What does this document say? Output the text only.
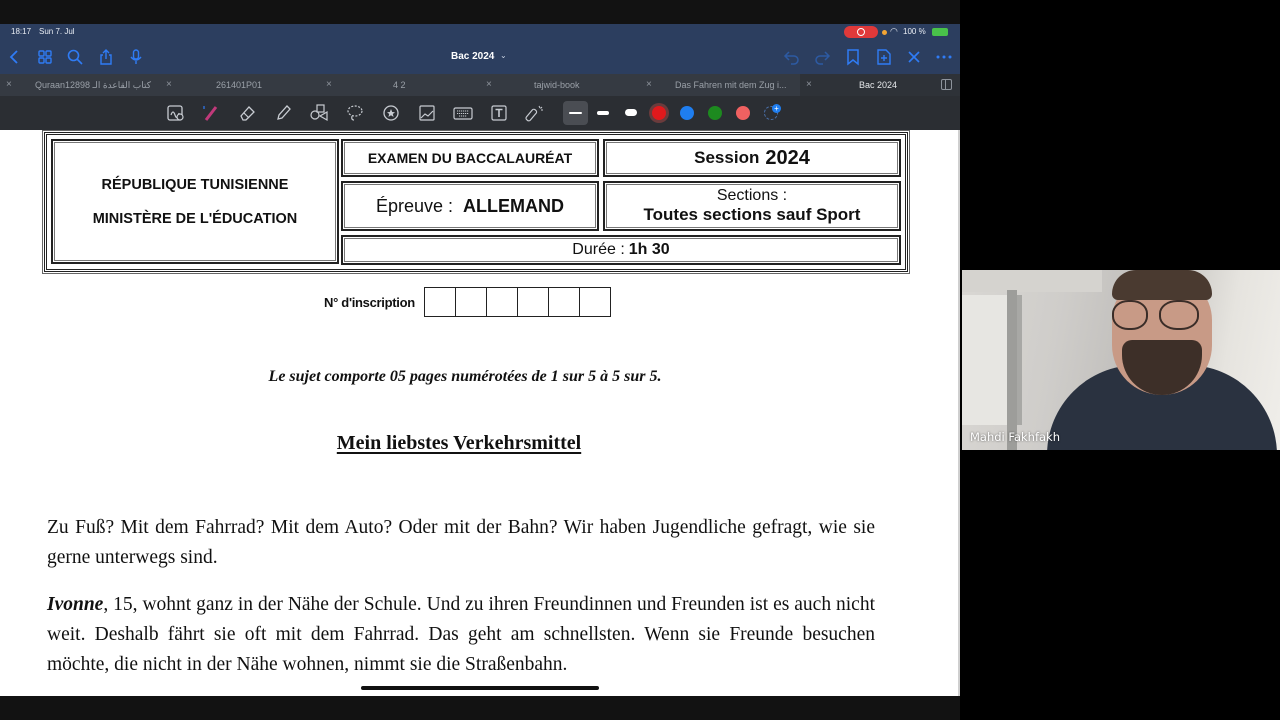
18:17 Sun 7. Jul	◠ 100 %
Bac 2024 ⌄
×	Quraan12898 كتاب القاعدة الـ ×	261401P01	×	4 2	×	tajwid-book	×	Das Fahren mit dem Zug i... ×	Bac 2024
+
RÉPUBLIQUE TUNISIENNE
MINISTÈRE DE L'ÉDUCATION
EXAMEN DU BACCALAURÉAT	Session 2024
Épreuve : ALLEMAND	Sections :
Toutes sections sauf Sport
Durée : 1h 30
N° d'inscription
Le sujet comporte 05 pages numérotées de 1 sur 5 à 5 sur 5.
Mein liebstes Verkehrsmittel

Zu Fuß? Mit dem Fahrrad? Mit dem Auto? Oder mit der Bahn? Wir haben Jugendliche gefragt, wie sie gerne unterwegs sind.

Ivonne, 15, wohnt ganz in der Nähe der Schule. Und zu ihren Freundinnen und Freunden ist es auch nicht weit. Deshalb fährt sie oft mit dem Fahrrad. Das geht am schnellsten. Wenn sie Freunde besuchen möchte, die nicht in der Nähe wohnen, nimmt sie die Straßenbahn.

Mahdi Fakhfakh
